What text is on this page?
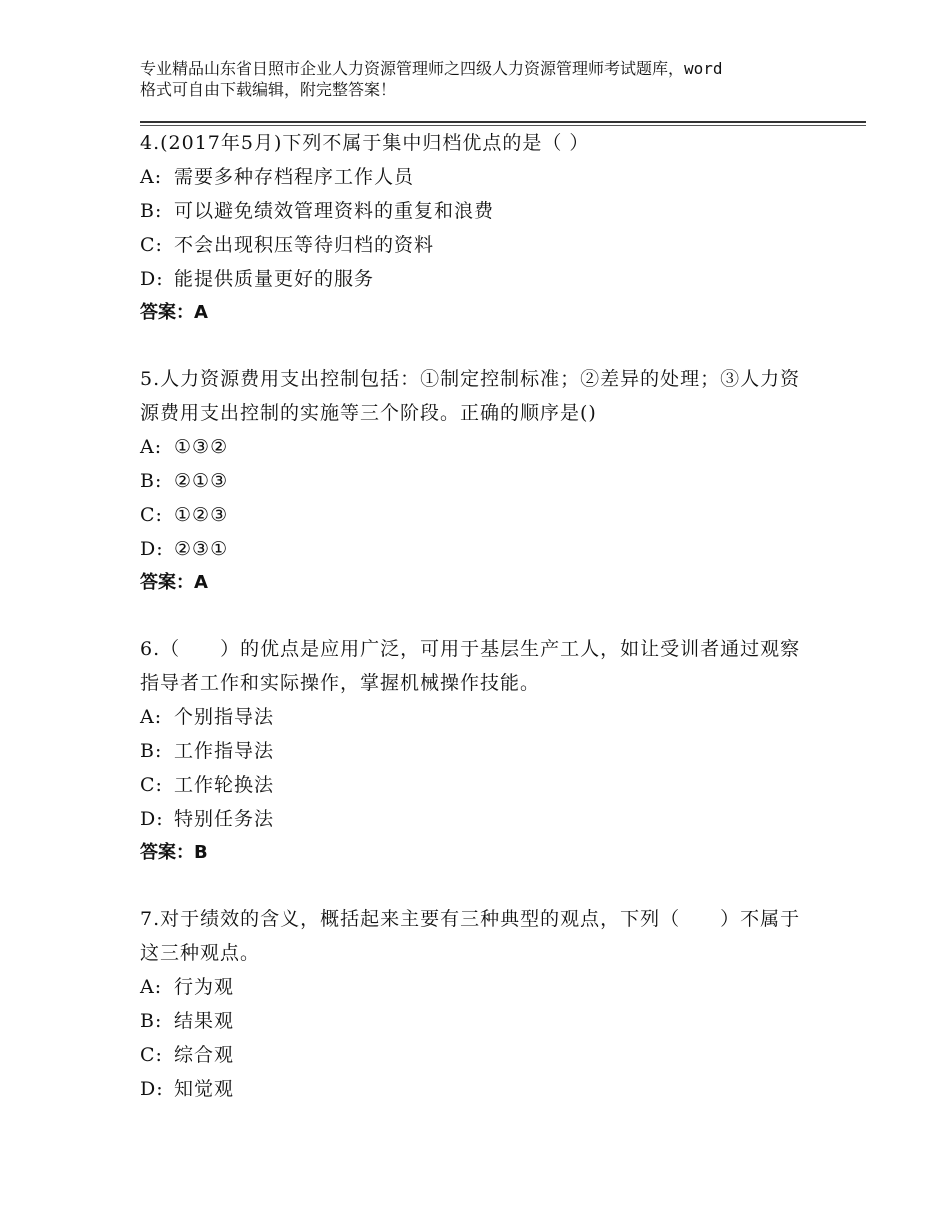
专业精品山东省日照市企业人力资源管理师之四级人力资源管理师考试题库，word
格式可自由下载编辑，附完整答案！

4.(2017年5月)下列不属于集中归档优点的是（ ）

A: 需要多种存档程序工作人员
B: 可以避免绩效管理资料的重复和浪费
C: 不会出现积压等待归档的资料
D: 能提供质量更好的服务

答案：A

5.人力资源费用支出控制包括：①制定控制标准；②差异的处理；③人力资源费用支出控制的实施等三个阶段。正确的顺序是()

A: ①③②
B: ②①③
C: ①②③
D: ②③①

答案：A

6.（　　）的优点是应用广泛，可用于基层生产工人，如让受训者通过观察指导者工作和实际操作，掌握机械操作技能。

A: 个别指导法
B: 工作指导法
C: 工作轮换法
D: 特别任务法

答案：B

7.对于绩效的含义，概括起来主要有三种典型的观点，下列（　　）不属于这三种观点。

A: 行为观
B: 结果观
C: 综合观
D: 知觉观
